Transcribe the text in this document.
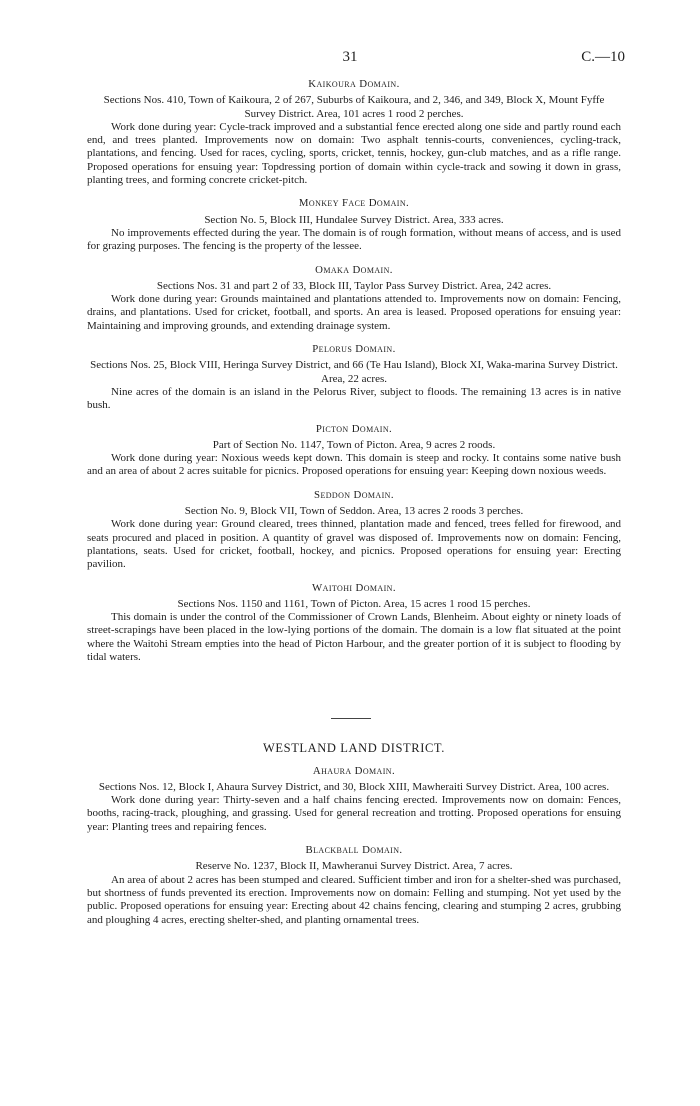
31	C.—10

Kaikoura Domain.

Sections Nos. 410, Town of Kaikoura, 2 of 267, Suburbs of Kaikoura, and 2, 346, and 349, Block X, Mount Fyffe Survey District. Area, 101 acres 1 rood 2 perches.

Work done during year: Cycle-track improved and a substantial fence erected along one side and partly round each end, and trees planted. Improvements now on domain: Two asphalt tennis-courts, conveniences, cycling-track, plantations, and fencing. Used for races, cycling, sports, cricket, tennis, hockey, gun-club matches, and as a rifle range. Proposed operations for ensuing year: Topdressing portion of domain within cycle-track and sowing it down in grass, planting trees, and forming concrete cricket-pitch.

Monkey Face Domain.

Section No. 5, Block III, Hundalee Survey District. Area, 333 acres.

No improvements effected during the year. The domain is of rough formation, without means of access, and is used for grazing purposes. The fencing is the property of the lessee.

Omaka Domain.

Sections Nos. 31 and part 2 of 33, Block III, Taylor Pass Survey District. Area, 242 acres.

Work done during year: Grounds maintained and plantations attended to. Improvements now on domain: Fencing, drains, and plantations. Used for cricket, football, and sports. An area is leased. Proposed operations for ensuing year: Maintaining and improving grounds, and extending drainage system.

Pelorus Domain.

Sections Nos. 25, Block VIII, Heringa Survey District, and 66 (Te Hau Island), Block XI, Waka-marina Survey District. Area, 22 acres.

Nine acres of the domain is an island in the Pelorus River, subject to floods. The remaining 13 acres is in native bush.

Picton Domain.

Part of Section No. 1147, Town of Picton. Area, 9 acres 2 roods.

Work done during year: Noxious weeds kept down. This domain is steep and rocky. It contains some native bush and an area of about 2 acres suitable for picnics. Proposed operations for ensuing year: Keeping down noxious weeds.

Seddon Domain.

Section No. 9, Block VII, Town of Seddon. Area, 13 acres 2 roods 3 perches.

Work done during year: Ground cleared, trees thinned, plantation made and fenced, trees felled for firewood, and seats procured and placed in position. A quantity of gravel was disposed of. Improvements now on domain: Fencing, plantations, seats. Used for cricket, football, hockey, and picnics. Proposed operations for ensuing year: Erecting pavilion.

Waitohi Domain.

Sections Nos. 1150 and 1161, Town of Picton. Area, 15 acres 1 rood 15 perches.

This domain is under the control of the Commissioner of Crown Lands, Blenheim. About eighty or ninety loads of street-scrapings have been placed in the low-lying portions of the domain. The domain is a low flat situated at the point where the Waitohi Stream empties into the head of Picton Harbour, and the greater portion of it is subject to flooding by tidal waters.

WESTLAND LAND DISTRICT.

Ahaura Domain.

Sections Nos. 12, Block I, Ahaura Survey District, and 30, Block XIII, Mawheraiti Survey District. Area, 100 acres.

Work done during year: Thirty-seven and a half chains fencing erected. Improvements now on domain: Fences, booths, racing-track, ploughing, and grassing. Used for general recreation and trotting. Proposed operations for ensuing year: Planting trees and repairing fences.

Blackball Domain.

Reserve No. 1237, Block II, Mawheranui Survey District. Area, 7 acres.

An area of about 2 acres has been stumped and cleared. Sufficient timber and iron for a shelter-shed was purchased, but shortness of funds prevented its erection. Improvements now on domain: Felling and stumping. Not yet used by the public. Proposed operations for ensuing year: Erecting about 42 chains fencing, clearing and stumping 2 acres, grubbing and ploughing 4 acres, erecting shelter-shed, and planting ornamental trees.
